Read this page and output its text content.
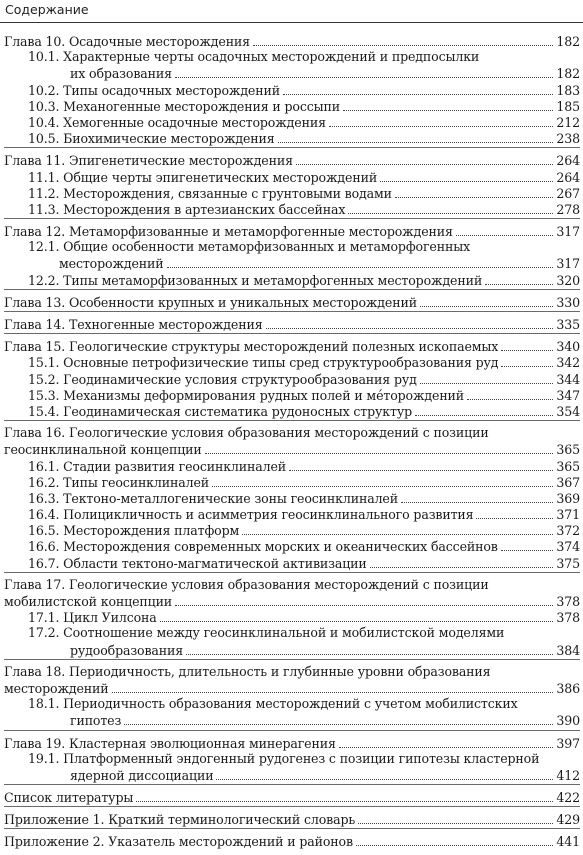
Содержание
Глава 10. Осадочные месторождения	182
10.1. Характерные черты осадочных месторождений и предпосылки
их образования	182
10.2. Типы осадочных месторождений	183
10.3. Механогенные месторождения и россыпи	185
10.4. Хемогенные осадочные месторождения	212
10.5. Биохимические месторождения	238
Глава 11. Эпигенетические месторождения	264
11.1. Общие черты эпигенетических месторождений	264
11.2. Месторождения, связанные с грунтовыми водами	267
11.3. Месторождения в артезианских бассейнах	278
Глава 12. Метаморфизованные и метаморфогенные месторождения	317
12.1. Общие особенности метаморфизованных и метаморфогенных
месторождений	317
12.2. Типы метаморфизованных и метаморфогенных месторождений	320
Глава 13. Особенности крупных и уникальных месторождений	330
Глава 14. Техногенные месторождения	335
Глава 15. Геологические структуры месторождений полезных ископаемых	340
15.1. Основные петрофизические типы сред структурообразования руд	342
15.2. Геодинамические условия структурообразования руд	344
15.3. Механизмы деформирования рудных полей и мéторождений	347
15.4. Геодинамическая систематика рудоносных структур	354
Глава 16. Геологические условия образования месторождений с позиции
геосинклинальной концепции	365
16.1. Стадии развития геосинклиналей	365
16.2. Типы геосинклиналей	367
16.3. Тектоно-металлогенические зоны геосинклиналей	369
16.4. Полицикличность и асимметрия геосинклинального развития	371
16.5. Месторождения платформ	372
16.6. Месторождения современных морских и океанических бассейнов	374
16.7. Области тектоно-магматической активизации	375
Глава 17. Геологические условия образования месторождений с позиции
мобилистской концепции	378
17.1. Цикл Уилсона	378
17.2. Соотношение между геосинклинальной и мобилистской моделями
рудообразования	384
Глава 18. Периодичность, длительность и глубинные уровни образования
месторождений	386
18.1. Периодичность образования месторождений с учетом мобилистских
гипотез	390
Глава 19. Кластерная эволюционная минерагения	397
19.1. Платформенный эндогенный рудогенез с позиции гипотезы кластерной
ядерной диссоциации	412
Список литературы	422
Приложение 1. Краткий терминологический словарь	429
Приложение 2. Указатель месторождений и районов	441
